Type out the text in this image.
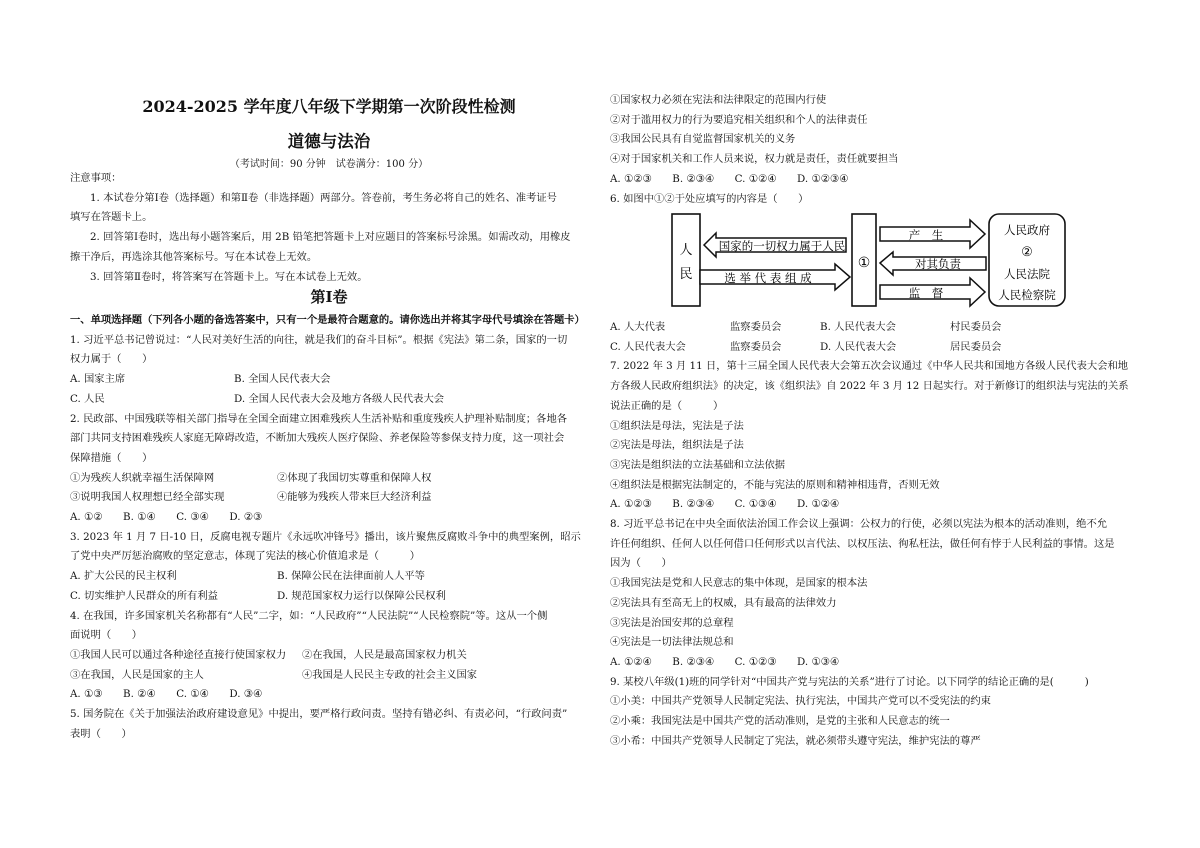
2024-2025 学年度八年级下学期第一次阶段性检测
道德与法治
（考试时间：90 分钟　试卷满分：100 分）
注意事项：
1. 本试卷分第Ⅰ卷（选择题）和第Ⅱ卷（非选择题）两部分。答卷前，考生务必将自己的姓名、准考证号
填写在答题卡上。
2. 回答第Ⅰ卷时，选出每小题答案后，用 2B 铅笔把答题卡上对应题目的答案标号涂黑。如需改动，用橡皮
擦干净后，再选涂其他答案标号。写在本试卷上无效。
3. 回答第Ⅱ卷时，将答案写在答题卡上。写在本试卷上无效。
第Ⅰ卷
一、单项选择题（下列各小题的备选答案中，只有一个是最符合题意的。请你选出并将其字母代号填涂在答题卡）
1. 习近平总书记曾说过：“人民对美好生活的向往，就是我们的奋斗目标”。根据《宪法》第二条，国家的一切
权力属于（　　）
A. 国家主席	B. 全国人民代表大会
C. 人民	D. 全国人民代表大会及地方各级人民代表大会
2. 民政部、中国残联等相关部门指导在全国全面建立困难残疾人生活补贴和重度残疾人护理补贴制度；各地各
部门共同支持困难残疾人家庭无障碍改造，不断加大残疾人医疗保险、养老保险等参保支持力度，这一项社会
保障措施（　　）
①为残疾人织就幸福生活保障网	②体现了我国切实尊重和保障人权
③说明我国人权理想已经全部实现	④能够为残疾人带来巨大经济利益
A. ①②　　B. ①④　　C. ③④　　D. ②③
3. 2023 年 1 月 7 日-10 日，反腐电视专题片《永远吹冲锋号》播出，该片聚焦反腐败斗争中的典型案例，昭示
了党中央严厉惩治腐败的坚定意志，体现了宪法的核心价值追求是（　　　）
A. 扩大公民的民主权利	B. 保障公民在法律面前人人平等
C. 切实维护人民群众的所有利益	D. 规范国家权力运行以保障公民权利
4. 在我国，许多国家机关名称都有“人民”二字，如：“人民政府”“人民法院”“人民检察院”等。这从一个侧
面说明（　　）
①我国人民可以通过各种途径直接行使国家权力	②在我国，人民是最高国家权力机关
③在我国，人民是国家的主人	④我国是人民民主专政的社会主义国家
A. ①③　　B. ②④　　C. ①④　　D. ③④
5. 国务院在《关于加强法治政府建设意见》中提出，要严格行政问责。坚持有错必纠、有责必问，“行政问责”
表明（　　）
①国家权力必须在宪法和法律限定的范围内行使
②对于滥用权力的行为要追究相关组织和个人的法律责任
③我国公民具有自觉监督国家机关的义务
④对于国家机关和工作人员来说，权力就是责任，责任就要担当
A. ①②③　　B. ②③④　　C. ①②④　　D. ①②③④
6. 如图中①②于处应填写的内容是（　　）
人
民
国家的一切权力属于人民
选 举 代 表 组 成
①
产　生
对其负责
监　督
人民政府
②
人民法院
人民检察院
A. 人大代表	监察委员会	B. 人民代表大会	村民委员会
C. 人民代表大会	监察委员会	D. 人民代表大会	居民委员会
7. 2022 年 3 月 11 日，第十三届全国人民代表大会第五次会议通过《中华人民共和国地方各级人民代表大会和地
方各级人民政府组织法》的决定，该《组织法》自 2022 年 3 月 12 日起实行。对于新修订的组织法与宪法的关系
说法正确的是（　　　）
①组织法是母法，宪法是子法
②宪法是母法，组织法是子法
③宪法是组织法的立法基础和立法依据
④组织法是根据宪法制定的，不能与宪法的原则和精神相违背，否则无效
A. ①②③　　B. ②③④　　C. ①③④　　D. ①②④
8. 习近平总书记在中央全面依法治国工作会议上强调：公权力的行使，必须以宪法为根本的活动准则，绝不允
许任何组织、任何人以任何借口任何形式以言代法、以权压法、徇私枉法，做任何有悖于人民利益的事情。这是
因为（　　）
①我国宪法是党和人民意志的集中体现，是国家的根本法
②宪法具有至高无上的权威，具有最高的法律效力
③宪法是治国安邦的总章程
④宪法是一切法律法规总和
A. ①②④　　B. ②③④　　C. ①②③　　D. ①③④
9. 某校八年级(1)班的同学针对“中国共产党与宪法的关系”进行了讨论。以下同学的结论正确的是(　　　)
①小美：中国共产党领导人民制定宪法、执行宪法，中国共产党可以不受宪法的约束
②小乘：我国宪法是中国共产党的活动准则，是党的主张和人民意志的统一
③小希：中国共产党领导人民制定了宪法，就必须带头遵守宪法，维护宪法的尊严
